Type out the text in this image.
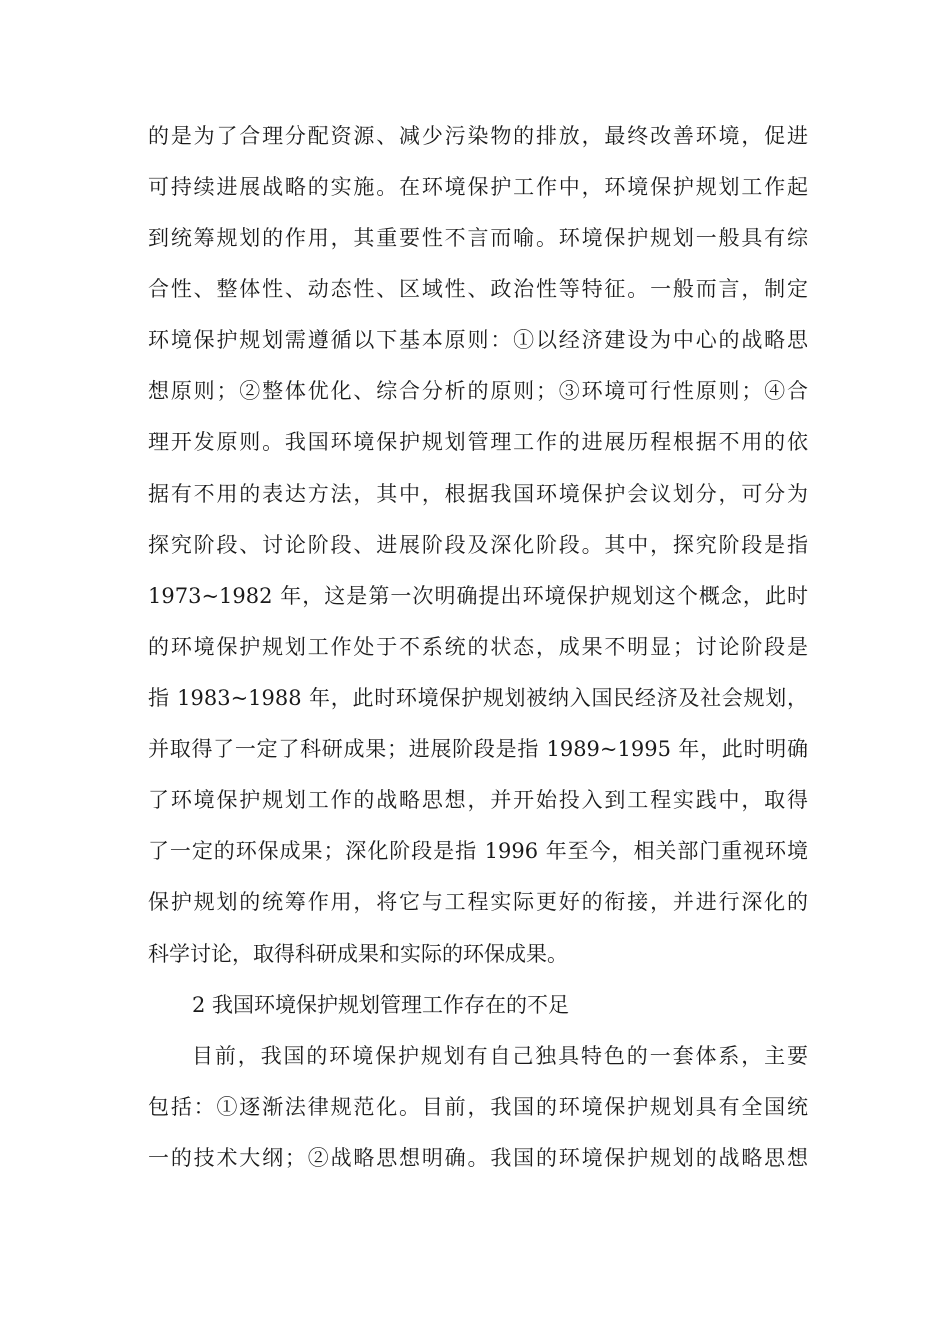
的是为了合理分配资源、减少污染物的排放，最终改善环境，促进
可持续进展战略的实施。在环境保护工作中，环境保护规划工作起
到统筹规划的作用，其重要性不言而喻。环境保护规划一般具有综
合性、整体性、动态性、区域性、政治性等特征。一般而言，制定
环境保护规划需遵循以下基本原则：①以经济建设为中心的战略思
想原则；②整体优化、综合分析的原则；③环境可行性原则；④合
理开发原则。我国环境保护规划管理工作的进展历程根据不用的依
据有不用的表达方法，其中，根据我国环境保护会议划分，可分为
探究阶段、讨论阶段、进展阶段及深化阶段。其中，探究阶段是指
1973~1982 年，这是第一次明确提出环境保护规划这个概念，此时
的环境保护规划工作处于不系统的状态，成果不明显；讨论阶段是
指 1983~1988 年，此时环境保护规划被纳入国民经济及社会规划，
并取得了一定了科研成果；进展阶段是指 1989~1995 年，此时明确
了环境保护规划工作的战略思想，并开始投入到工程实践中，取得
了一定的环保成果；深化阶段是指 1996 年至今，相关部门重视环境
保护规划的统筹作用，将它与工程实际更好的衔接，并进行深化的
科学讨论，取得科研成果和实际的环保成果。
2 我国环境保护规划管理工作存在的不足
目前，我国的环境保护规划有自己独具特色的一套体系，主要
包括：①逐渐法律规范化。目前，我国的环境保护规划具有全国统
一的技术大纲；②战略思想明确。我国的环境保护规划的战略思想
